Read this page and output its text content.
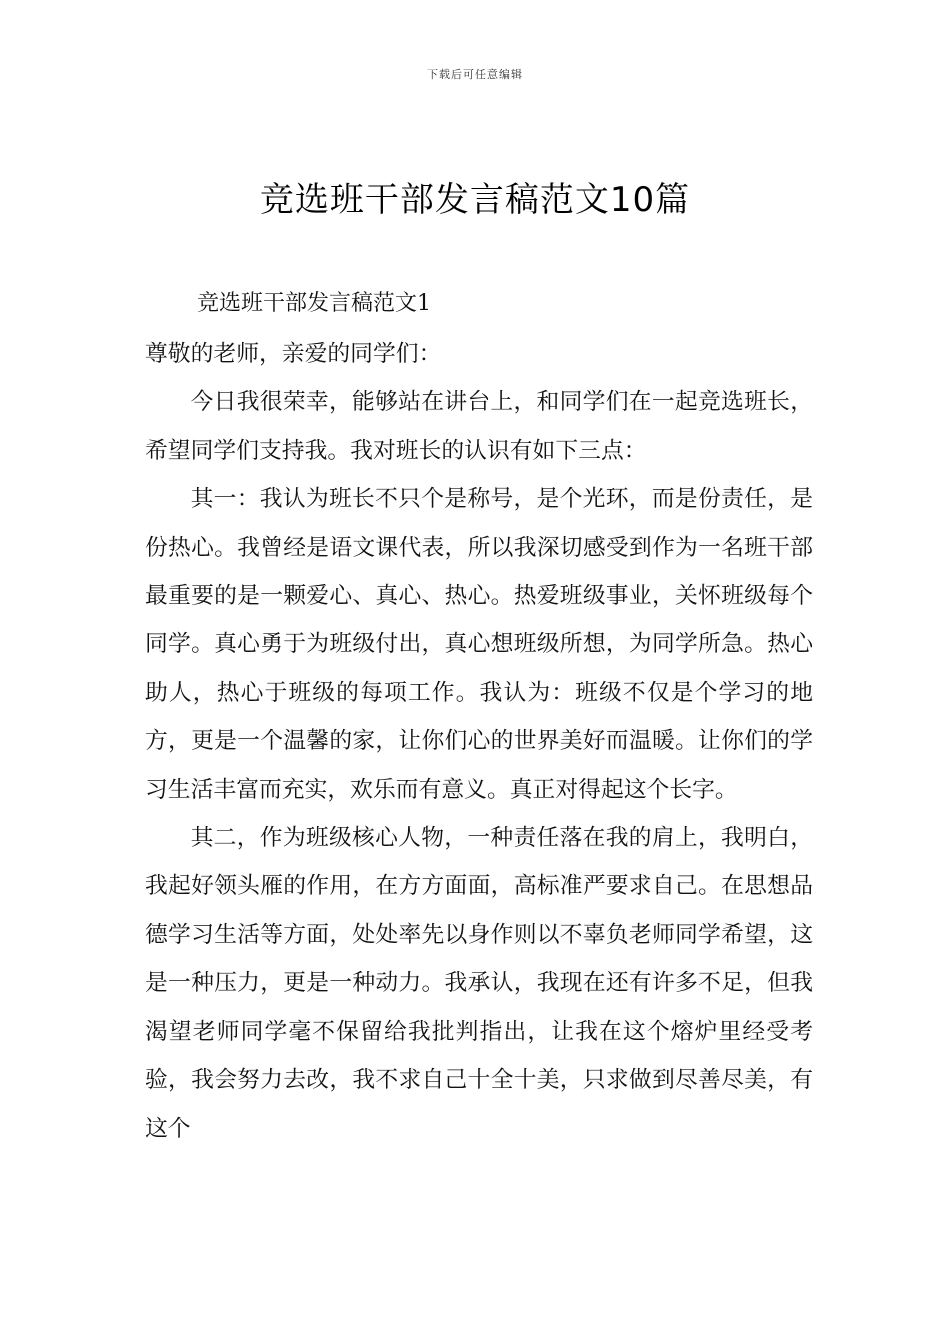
下载后可任意编辑
竞选班干部发言稿范文10篇
竞选班干部发言稿范文1

尊敬的老师，亲爱的同学们：

今日我很荣幸，能够站在讲台上，和同学们在一起竞选班长，希望同学们支持我。我对班长的认识有如下三点：

其一：我认为班长不只个是称号，是个光环，而是份责任，是份热心。我曾经是语文课代表，所以我深切感受到作为一名班干部最重要的是一颗爱心、真心、热心。热爱班级事业，关怀班级每个同学。真心勇于为班级付出，真心想班级所想，为同学所急。热心助人，热心于班级的每项工作。我认为：班级不仅是个学习的地方，更是一个温馨的家，让你们心的世界美好而温暖。让你们的学习生活丰富而充实，欢乐而有意义。真正对得起这个长字。

其二，作为班级核心人物，一种责任落在我的肩上，我明白，我起好领头雁的作用，在方方面面，高标准严要求自己。在思想品德学习生活等方面，处处率先以身作则以不辜负老师同学希望，这是一种压力，更是一种动力。我承认，我现在还有许多不足，但我渴望老师同学毫不保留给我批判指出，让我在这个熔炉里经受考验，我会努力去改，我不求自己十全十美，只求做到尽善尽美，有这个
